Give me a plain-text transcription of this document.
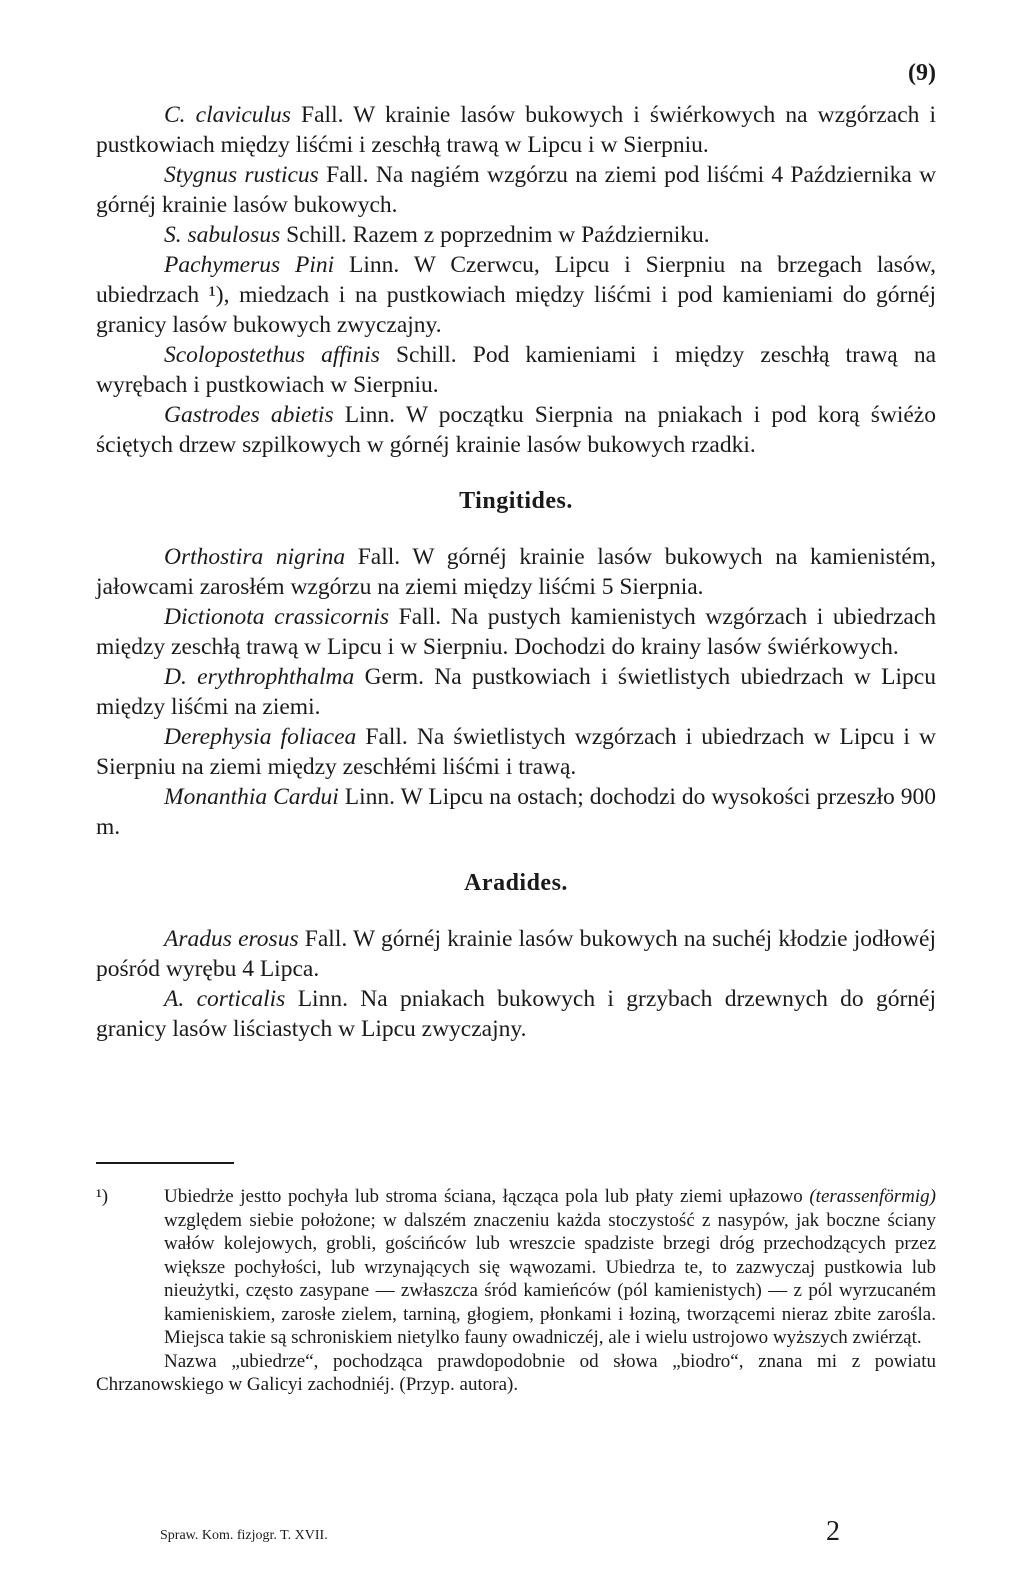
(9)

C. claviculus Fall. W krainie lasów bukowych i świérkowych na wzgórzach i pustkowiach między liśćmi i zeschłą trawą w Lipcu i w Sierpniu.

Stygnus rusticus Fall. Na nagiém wzgórzu na ziemi pod liśćmi 4 Października w górnéj krainie lasów bukowych.

S. sabulosus Schill. Razem z poprzednim w Październiku.

Pachymerus Pini Linn. W Czerwcu, Lipcu i Sierpniu na brzegach lasów, ubiedrzach ¹), miedzach i na pustkowiach między liśćmi i pod kamieniami do górnéj granicy lasów bukowych zwyczajny.

Scolopostethus affinis Schill. Pod kamieniami i między zeschłą trawą na wyrębach i pustkowiach w Sierpniu.

Gastrodes abietis Linn. W początku Sierpnia na pniakach i pod korą świéżo ściętych drzew szpilkowych w górnéj krainie lasów bukowych rzadki.

Tingitides.

Orthostira nigrina Fall. W górnéj krainie lasów bukowych na kamienistém, jałowcami zarosłém wzgórzu na ziemi między liśćmi 5 Sierpnia.

Dictionota crassicornis Fall. Na pustych kamienistych wzgórzach i ubiedrzach między zeschłą trawą w Lipcu i w Sierpniu. Dochodzi do krainy lasów świérkowych.

D. erythrophthalma Germ. Na pustkowiach i świetlistych ubiedrzach w Lipcu między liśćmi na ziemi.

Derephysia foliacea Fall. Na świetlistych wzgórzach i ubiedrzach w Lipcu i w Sierpniu na ziemi między zeschłémi liśćmi i trawą.

Monanthia Cardui Linn. W Lipcu na ostach; dochodzi do wysokości przeszło 900 m.

Aradides.

Aradus erosus Fall. W górnéj krainie lasów bukowych na suchéj kłodzie jodłowéj pośród wyrębu 4 Lipca.

A. corticalis Linn. Na pniakach bukowych i grzybach drzewnych do górnéj granicy lasów liściastych w Lipcu zwyczajny.

¹)	Ubiedrże jestto pochyła lub stroma ściana, łącząca pola lub płaty ziemi upłazowo (terassenförmig) względem siebie położone; w dalszém znaczeniu każda stoczystość z nasypów, jak boczne ściany wałów kolejowych, grobli, gościńców lub wreszcie spadziste brzegi dróg przechodzących przez większe pochyłości, lub wrzynających się wąwozami. Ubiedrza te, to zazwyczaj pustkowia lub nieużytki, często zasypane — zwłaszcza śród kamieńców (pól kamienistych) — z pól wyrzucaném kamieniskiem, zarosłe zielem, tarniną, głogiem, płonkami i łoziną, tworzącemi nieraz zbite zarośla. Miejsca takie są schroniskiem nietylko fauny owadniczéj, ale i wielu ustrojowo wyższych zwiérząt.

Nazwa „ubiedrze“, pochodząca prawdopodobnie od słowa „biodro“, znana mi z powiatu Chrzanowskiego w Galicyi zachodniéj. (Przyp. autora).

Spraw. Kom. fizjogr. T. XVII.	2
